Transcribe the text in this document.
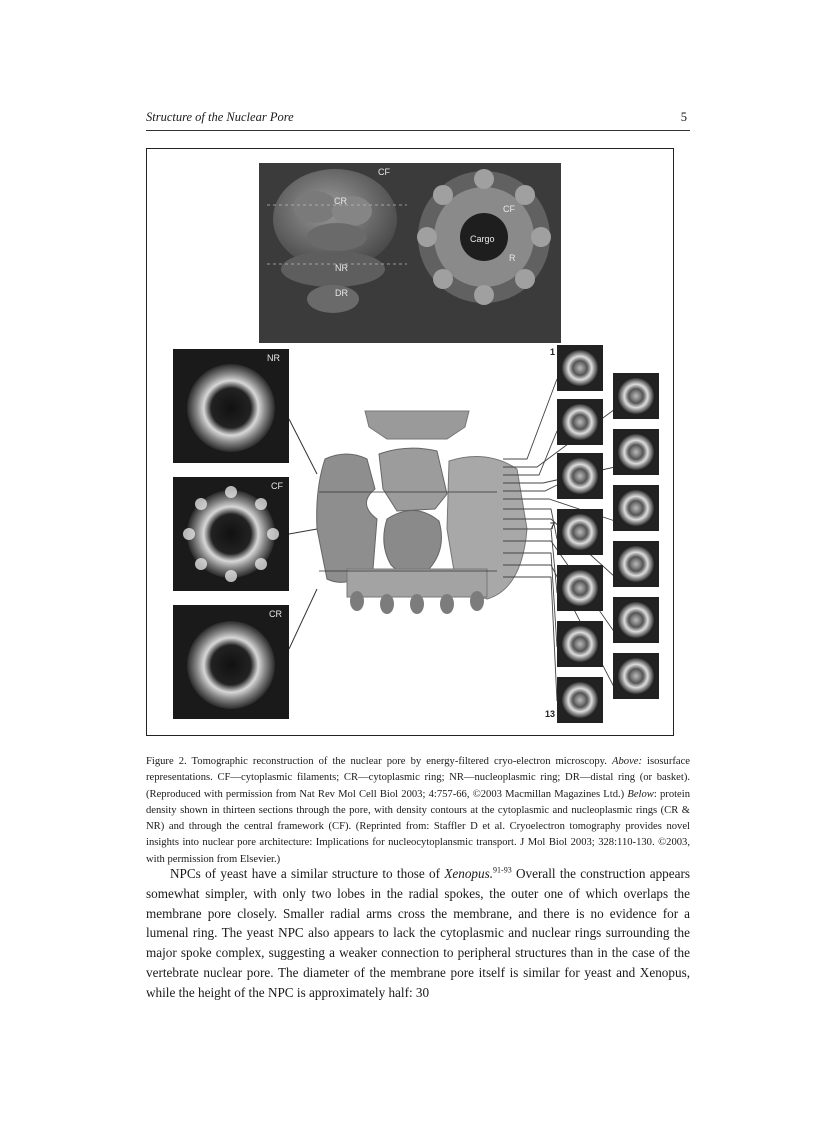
Structure of the Nuclear Pore	5
CF
CR
NR
DR
CF
Cargo
R
NR
CF
CR
1
7
13

Figure 2. Tomographic reconstruction of the nuclear pore by energy-filtered cryo-electron microscopy. Above: isosurface representations. CF—cytoplasmic filaments; CR—cytoplasmic ring; NR—nucleoplasmic ring; DR—distal ring (or basket). (Reproduced with permission from Nat Rev Mol Cell Biol 2003; 4:757-66, ©2003 Macmillan Magazines Ltd.) Below: protein density shown in thirteen sections through the pore, with density contours at the cytoplasmic and nucleoplasmic rings (CR & NR) and through the central framework (CF). (Reprinted from: Staffler D et al. Cryoelectron tomography provides novel insights into nuclear pore architecture: Implications for nucleocytoplansmic transport. J Mol Biol 2003; 328:110-130. ©2003, with permission from Elsevier.)

NPCs of yeast have a similar structure to those of Xenopus.$^{91-93}$ Overall the construction appears somewhat simpler, with only two lobes in the radial spokes, the outer one of which overlaps the membrane pore closely. Smaller radial arms cross the membrane, and there is no evidence for a lumenal ring. The yeast NPC also appears to lack the cytoplasmic and nuclear rings surrounding the major spoke complex, suggesting a weaker connection to peripheral structures than in the case of the vertebrate nuclear pore. The diameter of the membrane pore itself is similar for yeast and Xenopus, while the height of the NPC is approximately half: 30
